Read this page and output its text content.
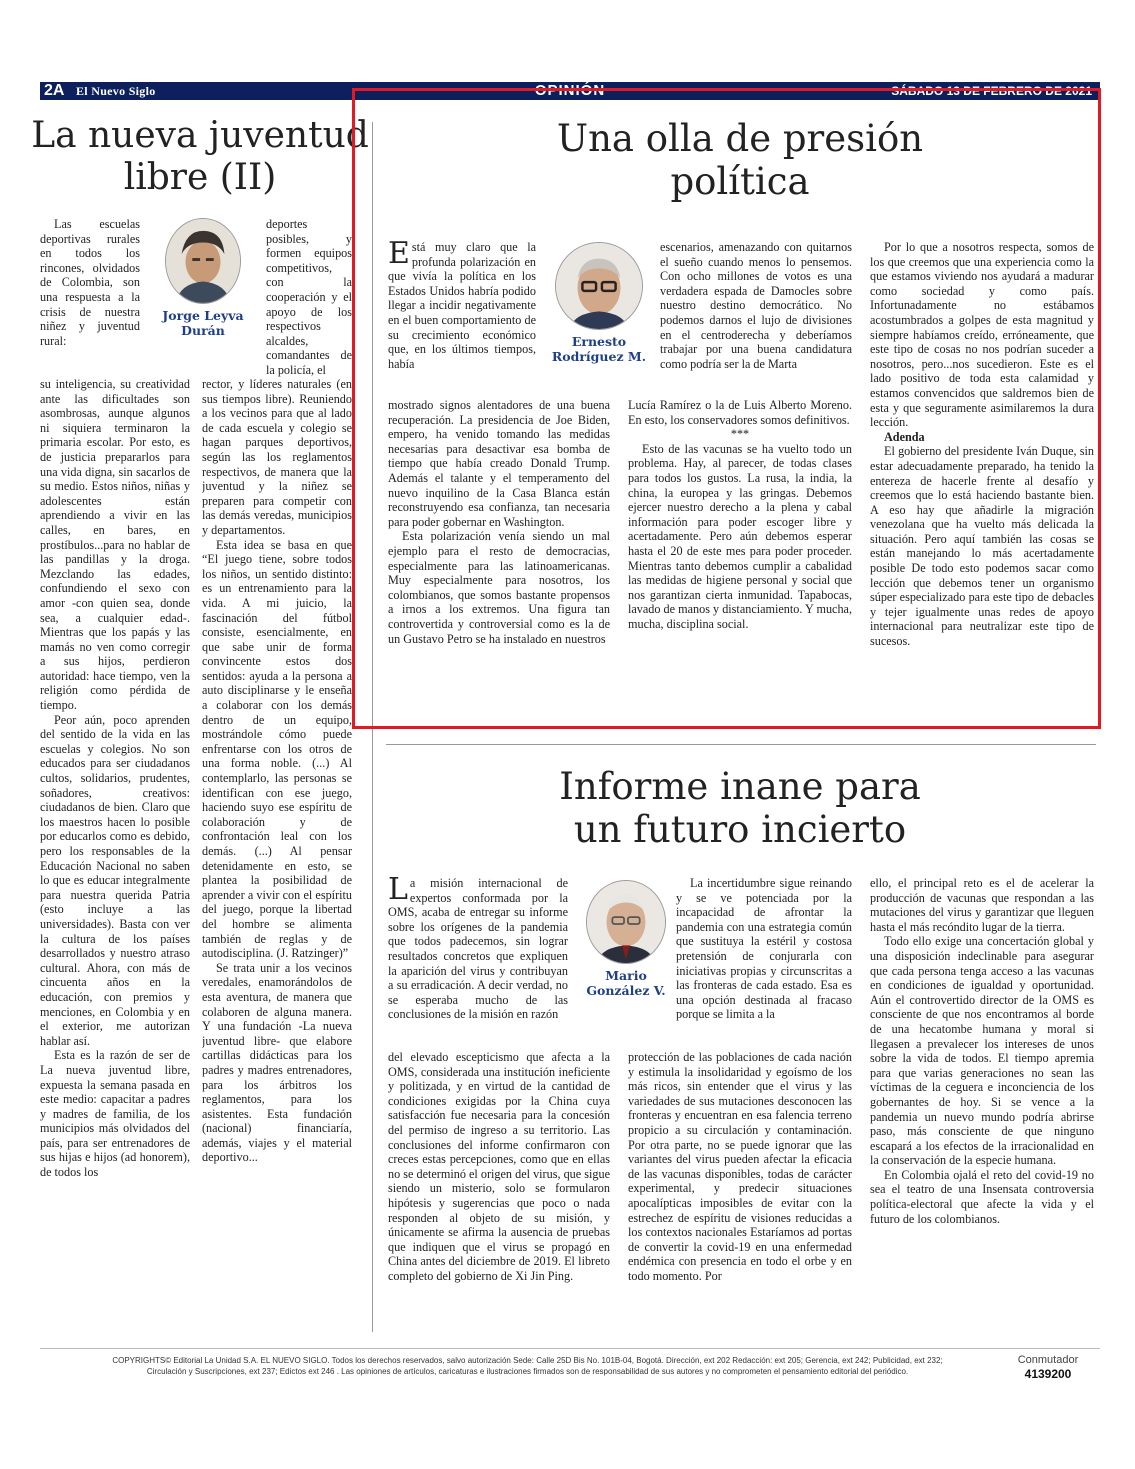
2A El Nuevo Siglo	OPINIÓN	SÁBADO 13 DE FEBRERO DE 2021
La nueva juventud libre (II)
Jorge Leyva Durán

Las escuelas deportivas rurales en todos los rincones, olvidados de Colombia, son una respuesta a la crisis de nuestra niñez y juventud rural:

su inteligencia, su creatividad ante las dificultades son asombrosas, aunque algunos ni siquiera terminaron la primaria escolar. Por esto, es de justicia prepararlos para una vida digna, sin sacarlos de su medio. Estos niños, niñas y adolescentes están aprendiendo a vivir en las calles, en bares, en prostíbulos...para no hablar de las pandillas y la droga. Mezclando las edades, confundiendo el sexo con amor -con quien sea, donde sea, a cualquier edad-. Mientras que los papás y las mamás no ven como corregir a sus hijos, perdieron autoridad: hace tiempo, ven la religión como pérdida de tiempo.

Peor aún, poco aprenden del sentido de la vida en las escuelas y colegios. No son educados para ser ciudadanos cultos, solidarios, prudentes, soñadores, creativos: ciudadanos de bien. Claro que los maestros hacen lo posible por educarlos como es debido, pero los responsables de la Educación Nacional no saben lo que es educar integralmente para nuestra querida Patria (esto incluye a las universidades). Basta con ver la cultura de los países desarrollados y nuestro atraso cultural. Ahora, con más de cincuenta años en la educación, con premios y menciones, en Colombia y en el exterior, me autorizan hablar así.

Esta es la razón de ser de La nueva juventud libre, expuesta la semana pasada en este medio: capacitar a padres y madres de familia, de los municipios más olvidados del país, para ser entrenadores de sus hijas e hijos (ad honorem), de todos los

deportes posibles, y formen equipos competitivos, con la cooperación y el apoyo de los respectivos alcaldes, comandantes de la policía, el

rector, y líderes naturales (en sus tiempos libre). Reuniendo a los vecinos para que al lado de cada escuela y colegio se hagan parques deportivos, según las los reglamentos respectivos, de manera que la juventud y la niñez se preparen para competir con las demás veredas, municipios y departamentos.

Esta idea se basa en que “El juego tiene, sobre todos los niños, un sentido distinto: es un entrenamiento para la vida. A mi juicio, la fascinación del fútbol consiste, esencialmente, en que sabe unir de forma convincente estos dos sentidos: ayuda a la persona a auto disciplinarse y le enseña a colaborar con los demás dentro de un equipo, mostrándole cómo puede enfrentarse con los otros de una forma noble. (...) Al contemplarlo, las personas se identifican con ese juego, haciendo suyo ese espíritu de colaboración y de confrontación leal con los demás. (...) Al pensar detenidamente en esto, se plantea la posibilidad de aprender a vivir con el espíritu del juego, porque la libertad del hombre se alimenta también de reglas y de autodisciplina. (J. Ratzinger)”

Se trata unir a los vecinos veredales, enamorándolos de esta aventura, de manera que colaboren de alguna manera. Y una fundación -La nueva juventud libre- que elabore cartillas didácticas para los padres y madres entrenadores, para los árbitros los reglamentos, para los asistentes. Esta fundación (nacional) financiaría, además, viajes y el material deportivo...

Una olla de presión
política
Ernesto Rodríguez M.

Está muy claro que la profunda polarización en que vivía la política en los Estados Unidos habría podido llegar a incidir negativamente en el buen comportamiento de su crecimiento económico que, en los últimos tiempos, había

mostrado signos alentadores de una buena recuperación. La presidencia de Joe Biden, empero, ha venido tomando las medidas necesarias para desactivar esa bomba de tiempo que había creado Donald Trump. Además el talante y el temperamento del nuevo inquilino de la Casa Blanca están reconstruyendo esa confianza, tan necesaria para poder gobernar en Washington.

Esta polarización venía siendo un mal ejemplo para el resto de democracias, especialmente para las latinoamericanas. Muy especialmente para nosotros, los colombianos, que somos bastante propensos a irnos a los extremos. Una figura tan controvertida y controversial como es la de un Gustavo Petro se ha instalado en nuestros

escenarios, amenazando con quitarnos el sueño cuando menos lo pensemos. Con ocho millones de votos es una verdadera espada de Damocles sobre nuestro destino democrático. No podemos darnos el lujo de divisiones en el centroderecha y deberíamos trabajar por una buena candidatura como podría ser la de Marta

Lucía Ramírez o la de Luis Alberto Moreno. En esto, los conservadores somos definitivos.

***

Esto de las vacunas se ha vuelto todo un problema. Hay, al parecer, de todas clases para todos los gustos. La rusa, la india, la china, la europea y las gringas. Debemos ejercer nuestro derecho a la plena y cabal información para poder escoger libre y acertadamente. Pero aún debemos esperar hasta el 20 de este mes para poder proceder. Mientras tanto debemos cumplir a cabalidad las medidas de higiene personal y social que nos garantizan cierta inmunidad. Tapabocas, lavado de manos y distanciamiento. Y mucha, mucha, disciplina social.

Por lo que a nosotros respecta, somos de los que creemos que una experiencia como la que estamos viviendo nos ayudará a madurar como sociedad y como país. Infortunadamente no estábamos acostumbrados a golpes de esta magnitud y siempre habíamos creído, erróneamente, que este tipo de cosas no nos podrían suceder a nosotros, pero...nos sucedieron. Este es el lado positivo de toda esta calamidad y estamos convencidos que saldremos bien de esta y que seguramente asimilaremos la dura lección.

Adenda

El gobierno del presidente Iván Duque, sin estar adecuadamente preparado, ha tenido la entereza de hacerle frente al desafío y creemos que lo está haciendo bastante bien. A eso hay que añadirle la migración venezolana que ha vuelto más delicada la situación. Pero aquí también las cosas se están manejando lo más acertadamente posible De todo esto podemos sacar como lección que debemos tener un organismo súper especializado para este tipo de debacles y tejer igualmente unas redes de apoyo internacional para neutralizar este tipo de sucesos.

Informe inane para
un futuro incierto
Mario González V.

La misión internacional de expertos conformada por la OMS, acaba de entregar su informe sobre los orígenes de la pandemia que todos padecemos, sin lograr resultados concretos que expliquen la aparición del virus y contribuyan a su erradicación. A decir verdad, no se esperaba mucho de las conclusiones de la misión en razón

del elevado escepticismo que afecta a la OMS, considerada una institución ineficiente y politizada, y en virtud de la cantidad de condiciones exigidas por la China cuya satisfacción fue necesaria para la concesión del permiso de ingreso a su territorio. Las conclusiones del informe confirmaron con creces estas percepciones, como que en ellas no se determinó el origen del virus, que sigue siendo un misterio, solo se formularon hipótesis y sugerencias que poco o nada responden al objeto de su misión, y únicamente se afirma la ausencia de pruebas que indiquen que el virus se propagó en China antes del diciembre de 2019. El libreto completo del gobierno de Xi Jin Ping.

La incertidumbre sigue reinando y se ve potenciada por la incapacidad de afrontar la pandemia con una estrategia común que sustituya la estéril y costosa pretensión de conjurarla con iniciativas propias y circunscritas a las fronteras de cada estado. Esa es una opción destinada al fracaso porque se limita a la

protección de las poblaciones de cada nación y estimula la insolidaridad y egoísmo de los más ricos, sin entender que el virus y las variedades de sus mutaciones desconocen las fronteras y encuentran en esa falencia terreno propicio a su circulación y contaminación. Por otra parte, no se puede ignorar que las variantes del virus pueden afectar la eficacia de las vacunas disponibles, todas de carácter experimental, y predecir situaciones apocalípticas imposibles de evitar con la estrechez de espíritu de visiones reducidas a los contextos nacionales Estaríamos ad portas de convertir la covid-19 en una enfermedad endémica con presencia en todo el orbe y en todo momento. Por

ello, el principal reto es el de acelerar la producción de vacunas que respondan a las mutaciones del virus y garantizar que lleguen hasta el más recóndito lugar de la tierra.

Todo ello exige una concertación global y una disposición indeclinable para asegurar que cada persona tenga acceso a las vacunas en condiciones de igualdad y oportunidad. Aún el controvertido director de la OMS es consciente de que nos encontramos al borde de una hecatombe humana y moral si llegasen a prevalecer los intereses de unos sobre la vida de todos. El tiempo apremia para que varias generaciones no sean las víctimas de la ceguera e inconciencia de los gobernantes de hoy. Si se vence a la pandemia un nuevo mundo podría abrirse paso, más consciente de que ninguno escapará a los efectos de la irracionalidad en la conservación de la especie humana.

En Colombia ojalá el reto del covid-19 no sea el teatro de una Insensata controversia política-electoral que afecte la vida y el futuro de los colombianos.

COPYRIGHTS© Editorial La Unidad S.A. EL NUEVO SIGLO. Todos los derechos reservados, salvo autorización Sede: Calle 25D Bis No. 101B-04, Bogotá. Dirección, ext 202 Redacción: ext 205; Gerencia, ext 242; Publicidad, ext 232;
Circulación y Suscripciones, ext 237; Edictos ext 246 . Las opiniones de artículos, caricaturas e ilustraciones firmados son de responsabilidad de sus autores y no comprometen el pensamiento editorial del periódico.
Conmutador
4139200
